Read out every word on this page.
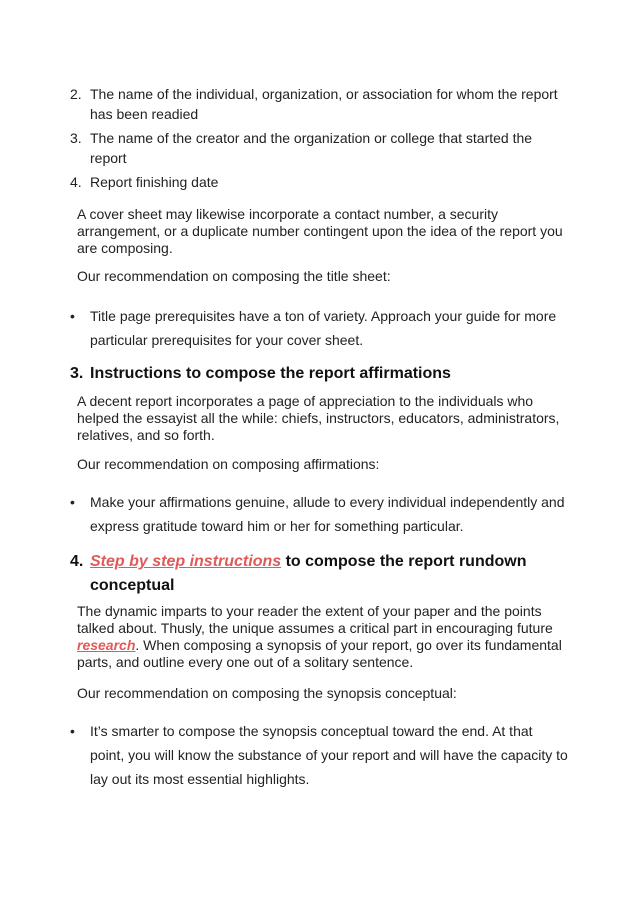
2. The name of the individual, organization, or association for whom the report has been readied
3. The name of the creator and the organization or college that started the report
4. Report finishing date
A cover sheet may likewise incorporate a contact number, a security arrangement, or a duplicate number contingent upon the idea of the report you are composing.
Our recommendation on composing the title sheet:
•	Title page prerequisites have a ton of variety. Approach your guide for more particular prerequisites for your cover sheet.
3. Instructions to compose the report affirmations
A decent report incorporates a page of appreciation to the individuals who helped the essayist all the while: chiefs, instructors, educators, administrators, relatives, and so forth.
Our recommendation on composing affirmations:
•	Make your affirmations genuine, allude to every individual independently and express gratitude toward him or her for something particular.
4. Step by step instructions to compose the report rundown conceptual
The dynamic imparts to your reader the extent of your paper and the points talked about. Thusly, the unique assumes a critical part in encouraging future research. When composing a synopsis of your report, go over its fundamental parts, and outline every one out of a solitary sentence.
Our recommendation on composing the synopsis conceptual:
•	It’s smarter to compose the synopsis conceptual toward the end. At that point, you will know the substance of your report and will have the capacity to lay out its most essential highlights.
